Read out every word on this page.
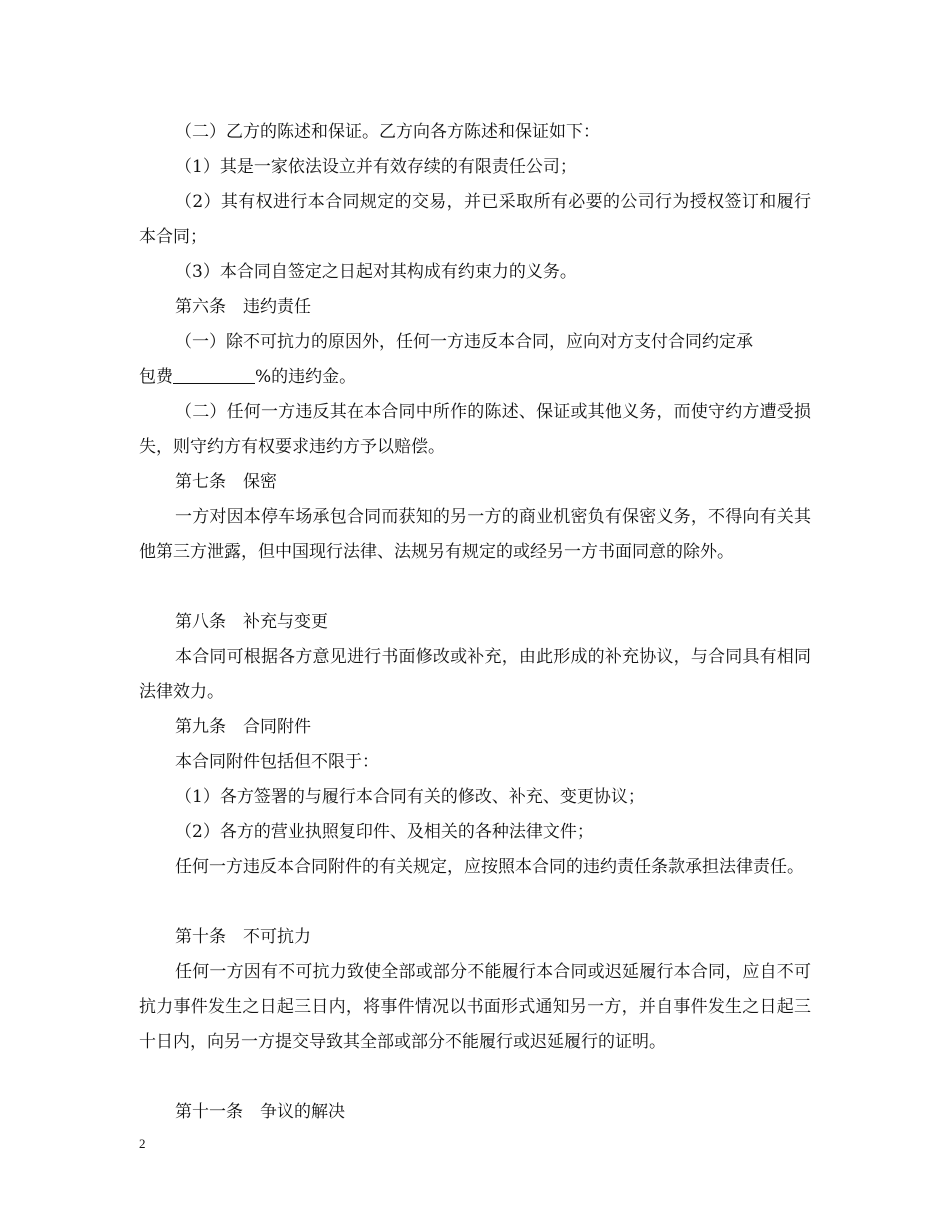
（二）乙方的陈述和保证。乙方向各方陈述和保证如下：

（1）其是一家依法设立并有效存续的有限责任公司；

（2）其有权进行本合同规定的交易，并已采取所有必要的公司行为授权签订和履行本合同；

（3）本合同自签定之日起对其构成有约束力的义务。

第六条　违约责任

（一）除不可抗力的原因外，任何一方违反本合同，应向对方支付合同约定承

包费	%的违约金。

（二）任何一方违反其在本合同中所作的陈述、保证或其他义务，而使守约方遭受损失，则守约方有权要求违约方予以赔偿。

第七条　保密

一方对因本停车场承包合同而获知的另一方的商业机密负有保密义务，不得向有关其他第三方泄露，但中国现行法律、法规另有规定的或经另一方书面同意的除外。

第八条　补充与变更

本合同可根据各方意见进行书面修改或补充，由此形成的补充协议，与合同具有相同法律效力。

第九条　合同附件

本合同附件包括但不限于：

（1）各方签署的与履行本合同有关的修改、补充、变更协议；

（2）各方的营业执照复印件、及相关的各种法律文件；

任何一方违反本合同附件的有关规定，应按照本合同的违约责任条款承担法律责任。

第十条　不可抗力

任何一方因有不可抗力致使全部或部分不能履行本合同或迟延履行本合同，应自不可抗力事件发生之日起三日内，将事件情况以书面形式通知另一方，并自事件发生之日起三十日内，向另一方提交导致其全部或部分不能履行或迟延履行的证明。

第十一条　争议的解决

2
